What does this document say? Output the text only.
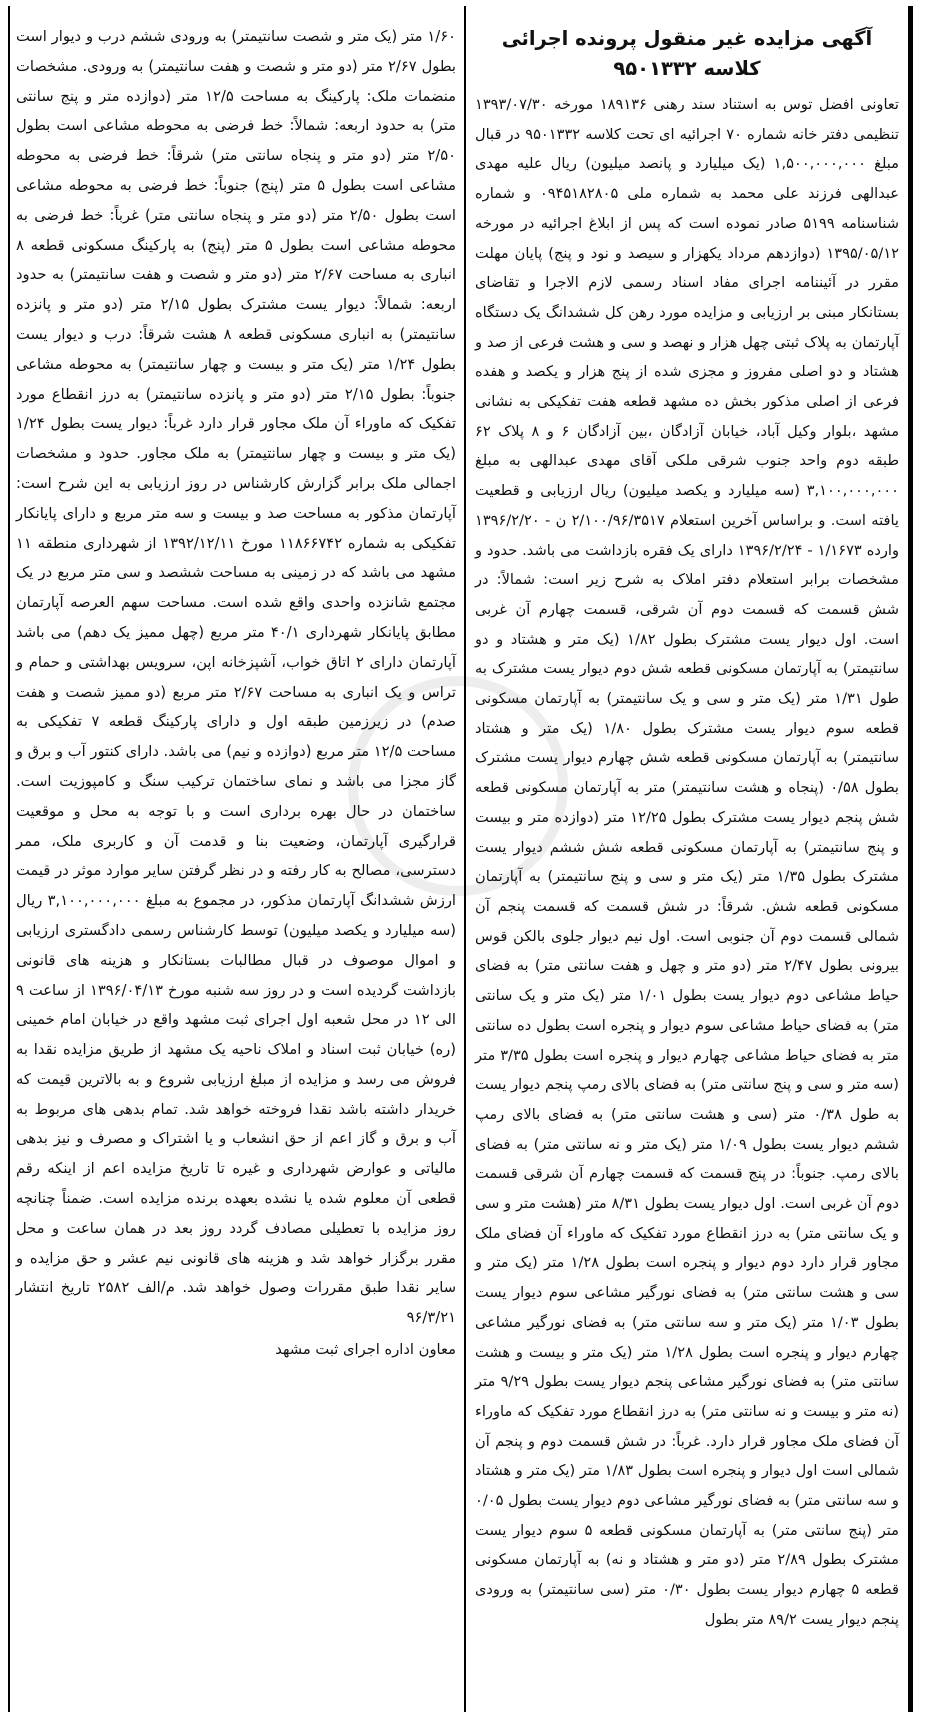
آگهی مزایده غیر منقول پرونده اجرائی کلاسه ۹۵۰۱۳۳۲

تعاونی افضل توس به استناد سند رهنی ۱۸۹۱۳۶ مورخه ۱۳۹۳/۰۷/۳۰ تنظیمی دفتر خانه شماره ۷۰ اجرائیه ای تحت کلاسه ۹۵۰۱۳۳۲ در قبال مبلغ ۱,۵۰۰,۰۰۰,۰۰۰ (یک میلیارد و پانصد میلیون) ریال علیه مهدی عبدالهی فرزند علی محمد به شماره ملی ۰۹۴۵۱۸۲۸۰۵ و شماره شناسنامه ۵۱۹۹ صادر نموده است که پس از ابلاغ اجرائیه در مورخه ۱۳۹۵/۰۵/۱۲ (دوازدهم مرداد یکهزار و سیصد و نود و پنج) پایان مهلت مقرر در آئیننامه اجرای مفاد اسناد رسمی لازم الاجرا و تقاضای بستانکار مبنی بر ارزیابی و مزایده مورد رهن کل ششدانگ یک دستگاه آپارتمان به پلاک ثبتی چهل هزار و نهصد و سی و هشت فرعی از صد و هشتاد و دو اصلی مفروز و مجزی شده از پنج هزار و یکصد و هفده فرعی از اصلی مذکور بخش ده مشهد قطعه هفت تفکیکی به نشانی مشهد ،بلوار وکیل آباد، خیابان آزادگان ،بین آزادگان ۶ و ۸ پلاک ۶۲ طبقه دوم واحد جنوب شرقی ملکی آقای مهدی عبدالهی به مبلغ ۳,۱۰۰,۰۰۰,۰۰۰ (سه میلیارد و یکصد میلیون) ریال ارزیابی و قطعیت یافته است. و براساس آخرین استعلام ۲/۱۰۰/۹۶/۳۵۱۷ ن - ۱۳۹۶/۲/۲۰ وارده ۱/۱۶۷۳ - ۱۳۹۶/۲/۲۴ دارای یک فقره بازداشت می باشد. حدود و مشخصات برابر استعلام دفتر املاک به شرح زیر است: شمالاً: در شش قسمت که قسمت دوم آن شرقی، قسمت چهارم آن غربی است. اول دیوار یست مشترک بطول ۱/۸۲ (یک متر و هشتاد و دو سانتیمتر) به آپارتمان مسکونی قطعه شش دوم دیوار یست مشترک به طول ۱/۳۱ متر (یک متر و سی و یک سانتیمتر) به آپارتمان مسکونی قطعه سوم دیوار یست مشترک بطول ۱/۸۰ (یک متر و هشتاد سانتیمتر) به آپارتمان مسکونی قطعه شش چهارم دیوار یست مشترک بطول ۰/۵۸ (پنجاه و هشت سانتیمتر) متر به آپارتمان مسکونی قطعه شش پنجم دیوار یست مشترک بطول ۱۲/۲۵ متر (دوازده متر و بیست و پنج سانتیمتر) به آپارتمان مسکونی قطعه شش ششم دیوار یست مشترک بطول ۱/۳۵ متر (یک متر و سی و پنج سانتیمتر) به آپارتمان مسکونی قطعه شش. شرقاً: در شش قسمت که قسمت پنجم آن شمالی قسمت دوم آن جنوبی است. اول نیم دیوار جلوی بالکن قوس بیرونی بطول ۲/۴۷ متر (دو متر و چهل و هفت سانتی متر) به فضای حیاط مشاعی دوم دیوار یست بطول ۱/۰۱ متر (یک متر و یک سانتی متر) به فضای حیاط مشاعی سوم دیوار و پنجره است بطول ده سانتی متر به فضای حیاط مشاعی چهارم دیوار و پنجره است بطول ۳/۳۵ متر (سه متر و سی و پنج سانتی متر) به فضای بالای رمپ پنجم دیوار یست به طول ۰/۳۸ متر (سی و هشت سانتی متر) به فضای بالای رمپ ششم دیوار یست بطول ۱/۰۹ متر (یک متر و نه سانتی متر) به فضای بالای رمپ. جنوباً: در پنج قسمت که قسمت چهارم آن شرقی قسمت دوم آن غربی است. اول دیوار یست بطول ۸/۳۱ متر (هشت متر و سی و یک سانتی متر) به درز انقطاع مورد تفکیک که ماوراء آن فضای ملک مجاور قرار دارد دوم دیوار و پنجره است بطول ۱/۲۸ متر (یک متر و سی و هشت سانتی متر) به فضای نورگیر مشاعی سوم دیوار یست بطول ۱/۰۳ متر (یک متر و سه سانتی متر) به فضای نورگیر مشاعی چهارم دیوار و پنجره است بطول ۱/۲۸ متر (یک متر و بیست و هشت سانتی متر) به فضای نورگیر مشاعی پنجم دیوار یست بطول ۹/۲۹ متر (نه متر و بیست و نه سانتی متر) به درز انقطاع مورد تفکیک که ماوراء آن فضای ملک مجاور قرار دارد. غرباً: در شش قسمت دوم و پنجم آن شمالی است اول دیوار و پنجره است بطول ۱/۸۳ متر (یک متر و هشتاد و سه سانتی متر) به فضای نورگیر مشاعی دوم دیوار یست بطول ۰/۰۵ متر (پنج سانتی متر) به آپارتمان مسکونی قطعه ۵ سوم دیوار یست مشترک بطول ۲/۸۹ متر (دو متر و هشتاد و نه) به آپارتمان مسکونی قطعه ۵ چهارم دیوار یست بطول ۰/۳۰ متر (سی سانتیمتر) به ورودی پنجم دیوار یست ۸۹/۲ متر بطول

۱/۶۰ متر (یک متر و شصت سانتیمتر) به ورودی ششم درب و دیوار است بطول ۲/۶۷ متر (دو متر و شصت و هفت سانتیمتر) به ورودی. مشخصات منضمات ملک: پارکینگ به مساحت ۱۲/۵ متر (دوازده متر و پنج سانتی متر) به حدود اربعه: شمالاً: خط فرضی به محوطه مشاعی است بطول ۲/۵۰ متر (دو متر و پنجاه سانتی متر) شرقاً: خط فرضی به محوطه مشاعی است بطول ۵ متر (پنج) جنوباً: خط فرضی به محوطه مشاعی است بطول ۲/۵۰ متر (دو متر و پنجاه سانتی متر) غرباً: خط فرضی به محوطه مشاعی است بطول ۵ متر (پنج) به پارکینگ مسکونی قطعه ۸ انباری به مساحت ۲/۶۷ متر (دو متر و شصت و هفت سانتیمتر) به حدود اربعه: شمالاً: دیوار یست مشترک بطول ۲/۱۵ متر (دو متر و پانزده سانتیمتر) به انباری مسکونی قطعه ۸ هشت شرقاً: درب و دیوار یست بطول ۱/۲۴ متر (یک متر و بیست و چهار سانتیمتر) به محوطه مشاعی جنوباً: بطول ۲/۱۵ متر (دو متر و پانزده سانتیمتر) به درز انقطاع مورد تفکیک که ماوراء آن ملک مجاور قرار دارد غرباً: دیوار یست بطول ۱/۲۴ (یک متر و بیست و چهار سانتیمتر) به ملک مجاور. حدود و مشخصات اجمالی ملک برابر گزارش کارشناس در روز ارزیابی به این شرح است: آپارتمان مذکور به مساحت صد و بیست و سه متر مربع و دارای پایانکار تفکیکی به شماره ۱۱۸۶۶۷۴۲ مورخ ۱۳۹۲/۱۲/۱۱ از شهرداری منطقه ۱۱ مشهد می باشد که در زمینی به مساحت ششصد و سی متر مربع در یک مجتمع شانزده واحدی واقع شده است. مساحت سهم العرصه آپارتمان مطابق پایانکار شهرداری ۴۰/۱ متر مربع (چهل ممیز یک دهم) می باشد آپارتمان دارای ۲ اتاق خواب، آشپزخانه اپن، سرویس بهداشتی و حمام و تراس و یک انباری به مساحت ۲/۶۷ متر مربع (دو ممیز شصت و هفت صدم) در زیرزمین طبقه اول و دارای پارکینگ قطعه ۷ تفکیکی به مساحت ۱۲/۵ متر مربع (دوازده و نیم) می باشد. دارای کنتور آب و برق و گاز مجزا می باشد و نمای ساختمان ترکیب سنگ و کامپوزیت است. ساختمان در حال بهره برداری است و با توجه به محل و موقعیت قرارگیری آپارتمان، وضعیت بنا و قدمت آن و کاربری ملک، ممر دسترسی، مصالح به کار رفته و در نظر گرفتن سایر موارد موثر در قیمت ارزش ششدانگ آپارتمان مذکور، در مجموع به مبلغ ۳,۱۰۰,۰۰۰,۰۰۰ ریال (سه میلیارد و یکصد میلیون) توسط کارشناس رسمی دادگستری ارزیابی و اموال موصوف در قبال مطالبات بستانکار و هزینه های قانونی بازداشت گردیده است و در روز سه شنبه مورخ ۱۳۹۶/۰۴/۱۳ از ساعت ۹ الی ۱۲ در محل شعبه اول اجرای ثبت مشهد واقع در خیابان امام خمینی (ره) خیابان ثبت اسناد و املاک ناحیه یک مشهد از طریق مزایده نقدا به فروش می رسد و مزایده از مبلغ ارزیابی شروع و به بالاترین قیمت که خریدار داشته باشد نقدا فروخته خواهد شد. تمام بدهی های مربوط به آب و برق و گاز اعم از حق انشعاب و یا اشتراک و مصرف و نیز بدهی مالیاتی و عوارض شهرداری و غیره تا تاریخ مزایده اعم از اینکه رقم قطعی آن معلوم شده یا نشده بعهده برنده مزایده است. ضمناً چنانچه روز مزایده با تعطیلی مصادف گردد روز بعد در همان ساعت و محل مقرر برگزار خواهد شد و هزینه های قانونی نیم عشر و حق مزایده و سایر نقدا طبق مقررات وصول خواهد شد. م/الف ۲۵۸۲ تاریخ انتشار ۹۶/۳/۲۱

معاون اداره اجرای ثبت مشهد
